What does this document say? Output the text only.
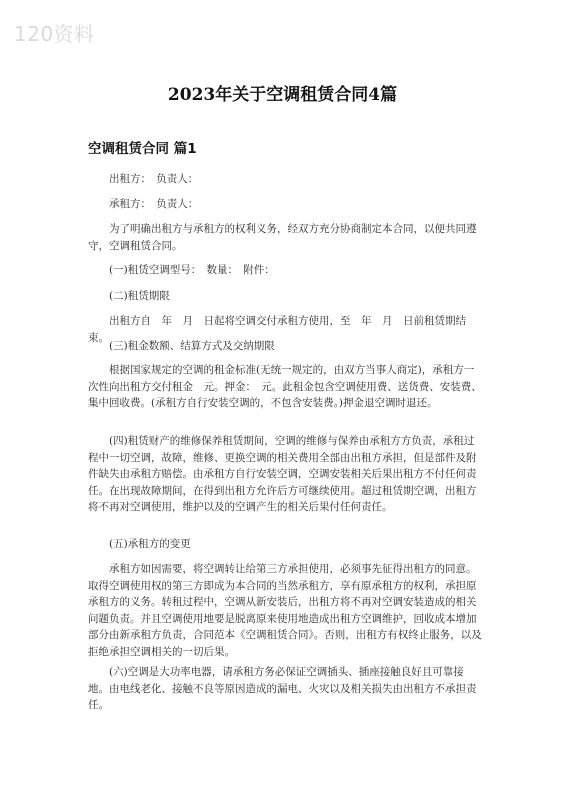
120资料
2023年关于空调租赁合同4篇
空调租赁合同 篇1

出租方：　负责人：

承租方：　负责人：

为了明确出租方与承租方的权利义务，经双方充分协商制定本合同，以便共同遵守，空调租赁合同。

(一)租赁空调型号：　数量：　附件：

(二)租赁期限

出租方自　年　月　日起将空调交付承租方使用，至　年　月　日前租赁期结束。

(三)租金数额、结算方式及交纳期限

根据国家规定的空调的租金标准(无统一规定的，由双方当事人商定)，承租方一次性向出租方交付租金　元。押金：　元。此租金包含空调使用费、送货费、安装费、集中回收费。(承租方自行安装空调的，不包含安装费。)押金退空调时退还。

(四)租赁财产的维修保养租赁期间，空调的维修与保养由承租方方负责，承租过程中一切空调，故障，维修、更换空调的相关费用全部由出租方承担，但是部件及附件缺失由承租方赔偿。由承租方自行安装空调，空调安装相关后果出租方不付任何责任。在出现故障期间，在得到出租方允许后方可继续使用。超过租赁期空调，出租方将不再对空调使用，维护以及的空调产生的相关后果付任何责任。

(五)承租方的变更

承租方如因需要，将空调转让给第三方承担使用，必须事先征得出租方的同意。取得空调使用权的第三方即成为本合同的当然承租方，享有原承租方的权利，承担原承租方的义务。转租过程中，空调从新安装后，出租方将不再对空调安装造成的相关问题负责。并且空调使用地要是脱离原来使用地造成出租方空调维护，回收成本增加部分由新承租方负责，合同范本《空调租赁合同》。否则，出租方有权终止服务，以及拒绝承担空调相关的一切后果。

(六)空调是大功率电器，请承租方务必保证空调插头、插座接触良好且可靠接地。由电线老化、接触不良等原因造成的漏电、火灾以及相关损失由出租方不承担责任。
